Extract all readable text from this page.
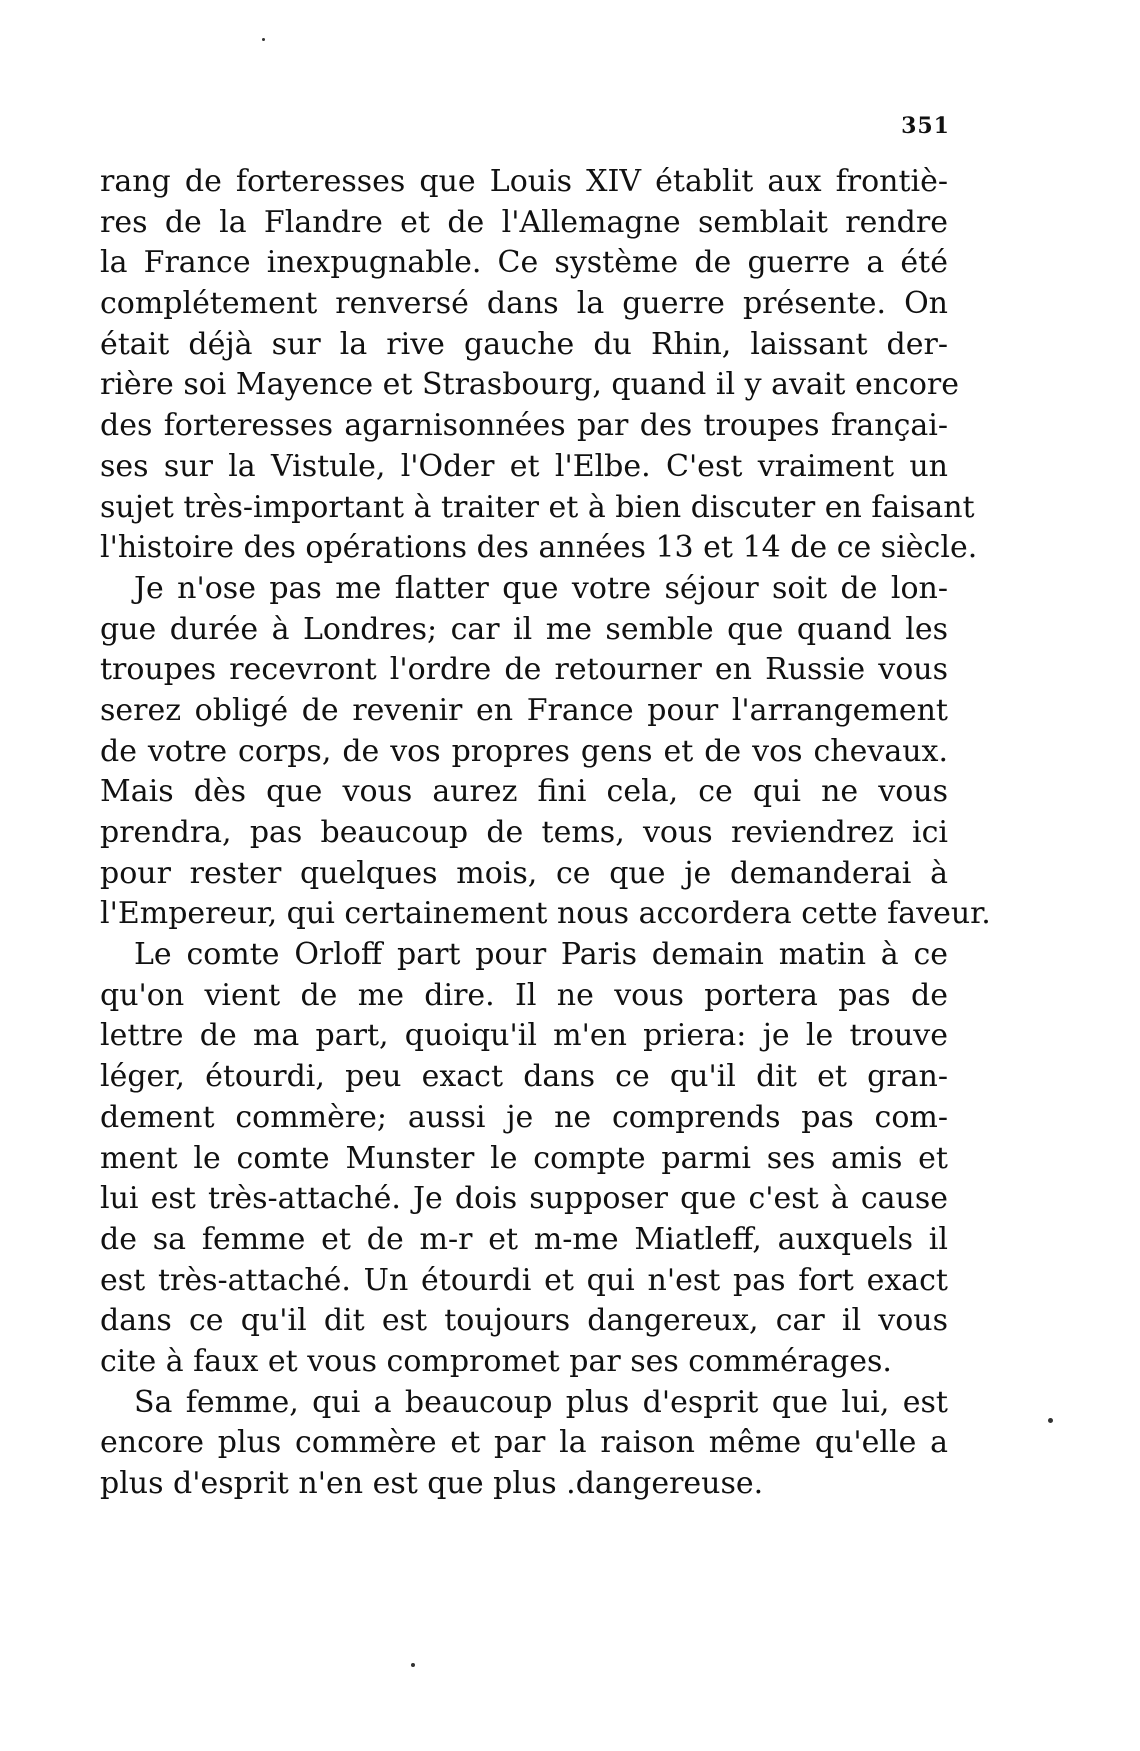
351
rang de forteresses que Louis XIV établit aux frontiè-
res de la Flandre et de l'Allemagne semblait rendre
la France inexpugnable. Ce système de guerre a été
complétement renversé dans la guerre présente. On
était déjà sur la rive gauche du Rhin, laissant der-
rière soi Mayence et Strasbourg, quand il y avait encore
des forteresses agarnisonnées par des troupes françai-
ses sur la Vistule, l'Oder et l'Elbe. C'est vraiment un
sujet très-important à traiter et à bien discuter en faisant
l'histoire des opérations des années 13 et 14 de ce siècle.
Je n'ose pas me flatter que votre séjour soit de lon-
gue durée à Londres; car il me semble que quand les
troupes recevront l'ordre de retourner en Russie vous
serez obligé de revenir en France pour l'arrangement
de votre corps, de vos propres gens et de vos chevaux.
Mais dès que vous aurez fini cela, ce qui ne vous
prendra, pas beaucoup de tems, vous reviendrez ici
pour rester quelques mois, ce que je demanderai à
l'Empereur, qui certainement nous accordera cette faveur.
Le comte Orloff part pour Paris demain matin à ce
qu'on vient de me dire. Il ne vous portera pas de
lettre de ma part, quoiqu'il m'en priera: je le trouve
léger, étourdi, peu exact dans ce qu'il dit et gran-
dement commère; aussi je ne comprends pas com-
ment le comte Munster le compte parmi ses amis et
lui est très-attaché. Je dois supposer que c'est à cause
de sa femme et de m-r et m-me Miatleff, auxquels il
est très-attaché. Un étourdi et qui n'est pas fort exact
dans ce qu'il dit est toujours dangereux, car il vous
cite à faux et vous compromet par ses commérages.
Sa femme, qui a beaucoup plus d'esprit que lui, est
encore plus commère et par la raison même qu'elle a
plus d'esprit n'en est que plus .dangereuse.
